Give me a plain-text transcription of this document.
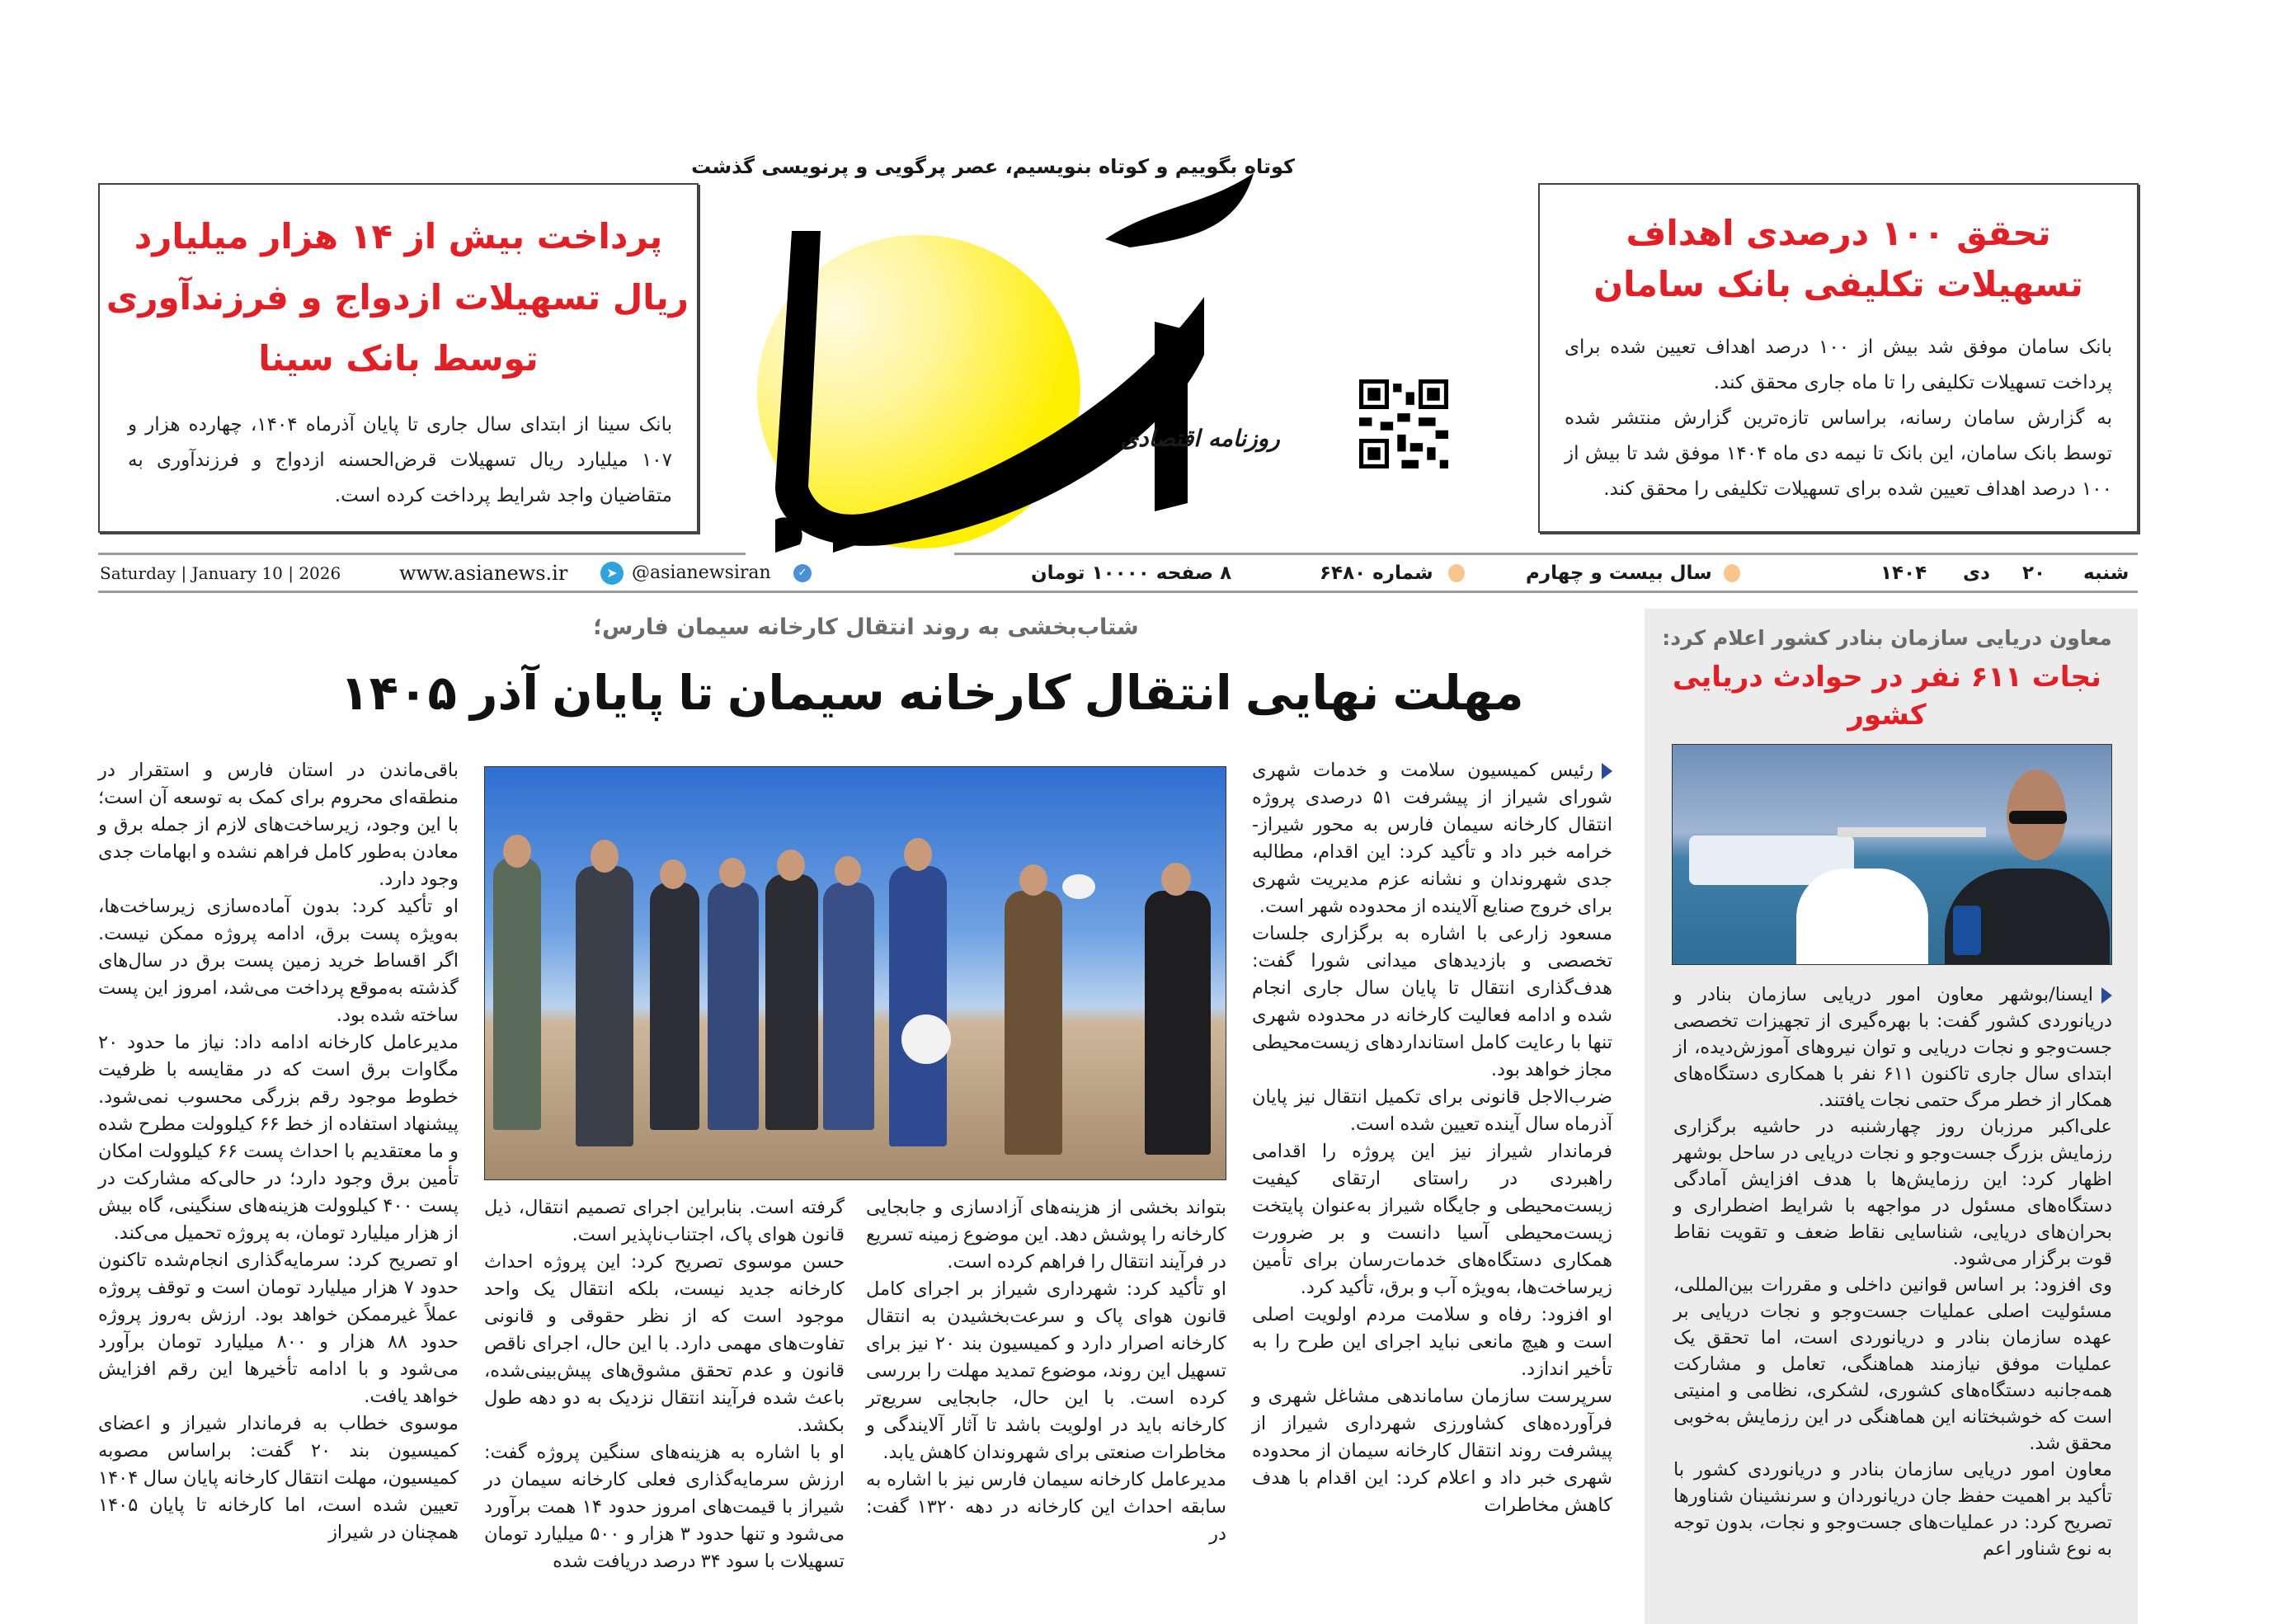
پرداخت بیش از ۱۴ هزار میلیارد
ریال تسهیلات ازدواج و فرزندآوری
توسط بانک سینا
بانک سینا از ابتدای سال جاری تا پایان آذرماه ۱۴۰۴، چهارده هزار و ۱۰۷ میلیارد ریال تسهیلات قرض‌الحسنه ازدواج و فرزندآوری به متقاضیان واجد شرایط پرداخت کرده است.
تحقق ۱۰۰ درصدی اهداف
تسهیلات تکلیفی بانک سامان
بانک سامان موفق شد بیش از ۱۰۰ درصد اهداف تعیین شده برای پرداخت تسهیلات تکلیفی را تا ماه جاری محقق کند.
به گزارش سامان رسانه، براساس تازه‌ترین گزارش منتشر شده توسط بانک سامان، این بانک تا نیمه دی ماه ۱۴۰۴ موفق شد تا بیش از ۱۰۰ درصد اهداف تعیین شده برای تسهیلات تکلیفی را محقق کند.
کوتاه بگوییم و کوتاه بنویسیم، عصر پرگویی و پرنویسی گذشت
روزنامه اقتصادی
Saturday | January 10 | 2026	www.asianews.ir	➤ @asianewsiran	✓	۸ صفحه ۱۰۰۰۰ تومان	شماره ۶۴۸۰	سال بیست و چهارم	۱۴۰۴ دی ۲۰ شنبه
شتاب‌بخشی به روند انتقال کارخانه سیمان فارس؛
مهلت نهایی انتقال کارخانه سیمان تا پایان آذر ۱۴۰۵

رئیس کمیسیون سلامت و خدمات شهری شورای شیراز از پیشرفت ۵۱ درصدی پروژه انتقال کارخانه سیمان فارس به محور شیراز- خرامه خبر داد و تأکید کرد: این اقدام، مطالبه جدی شهروندان و نشانه عزم مدیریت شهری برای خروج صنایع آلاینده از محدوده شهر است.

مسعود زارعی با اشاره به برگزاری جلسات تخصصی و بازدیدهای میدانی شورا گفت: هدف‌گذاری انتقال تا پایان سال جاری انجام شده و ادامه فعالیت کارخانه در محدوده شهری تنها با رعایت کامل استانداردهای زیست‌محیطی مجاز خواهد بود.

ضرب‌الاجل قانونی برای تکمیل انتقال نیز پایان آذرماه سال آینده تعیین شده است.

فرماندار شیراز نیز این پروژه را اقدامی راهبردی در راستای ارتقای کیفیت زیست‌محیطی و جایگاه شیراز به‌عنوان پایتخت زیست‌محیطی آسیا دانست و بر ضرورت همکاری دستگاه‌های خدمات‌رسان برای تأمین زیرساخت‌ها، به‌ویژه آب و برق، تأکید کرد.

او افزود: رفاه و سلامت مردم اولویت اصلی است و هیچ مانعی نباید اجرای این طرح را به تأخیر اندازد.

سرپرست سازمان ساماندهی مشاغل شهری و فرآورده‌های کشاورزی شهرداری شیراز از پیشرفت روند انتقال کارخانه سیمان از محدوده شهری خبر داد و اعلام کرد: این اقدام با هدف کاهش مخاطرات

بتواند بخشی از هزینه‌های آزادسازی و جابجایی کارخانه را پوشش دهد. این موضوع زمینه تسریع در فرآیند انتقال را فراهم کرده است.

او تأکید کرد: شهرداری شیراز بر اجرای کامل قانون هوای پاک و سرعت‌بخشیدن به انتقال کارخانه اصرار دارد و کمیسیون بند ۲۰ نیز برای تسهیل این روند، موضوع تمدید مهلت را بررسی کرده است. با این حال، جابجایی سریع‌تر کارخانه باید در اولویت باشد تا آثار آلایندگی و مخاطرات صنعتی برای شهروندان کاهش یابد.

مدیرعامل کارخانه سیمان فارس نیز با اشاره به سابقه احداث این کارخانه در دهه ۱۳۲۰ گفت: در

گرفته است. بنابراین اجرای تصمیم انتقال، ذیل قانون هوای پاک، اجتناب‌ناپذیر است.

حسن موسوی تصریح کرد: این پروژه احداث کارخانه جدید نیست، بلکه انتقال یک واحد موجود است که از نظر حقوقی و قانونی تفاوت‌های مهمی دارد. با این حال، اجرای ناقص قانون و عدم تحقق مشوق‌های پیش‌بینی‌شده، باعث شده فرآیند انتقال نزدیک به دو دهه طول بکشد.

او با اشاره به هزینه‌های سنگین پروژه گفت: ارزش سرمایه‌گذاری فعلی کارخانه سیمان در شیراز با قیمت‌های امروز حدود ۱۴ همت برآورد می‌شود و تنها حدود ۳ هزار و ۵۰۰ میلیارد تومان تسهیلات با سود ۳۴ درصد دریافت شده

باقی‌ماندن در استان فارس و استقرار در منطقه‌ای محروم برای کمک به توسعه آن است؛ با این وجود، زیرساخت‌های لازم از جمله برق و معادن به‌طور کامل فراهم نشده و ابهامات جدی وجود دارد.

او تأکید کرد: بدون آماده‌سازی زیرساخت‌ها، به‌ویژه پست برق، ادامه پروژه ممکن نیست. اگر اقساط خرید زمین پست برق در سال‌های گذشته به‌موقع پرداخت می‌شد، امروز این پست ساخته شده بود.

مدیرعامل کارخانه ادامه داد: نیاز ما حدود ۲۰ مگاوات برق است که در مقایسه با ظرفیت خطوط موجود رقم بزرگی محسوب نمی‌شود. پیشنهاد استفاده از خط ۶۶ کیلوولت مطرح شده و ما معتقدیم با احداث پست ۶۶ کیلوولت امکان تأمین برق وجود دارد؛ در حالی‌که مشارکت در پست ۴۰۰ کیلوولت هزینه‌های سنگینی، گاه بیش از هزار میلیارد تومان، به پروژه تحمیل می‌کند.

او تصریح کرد: سرمایه‌گذاری انجام‌شده تاکنون حدود ۷ هزار میلیارد تومان است و توقف پروژه عملاً غیرممکن خواهد بود. ارزش به‌روز پروژه حدود ۸۸ هزار و ۸۰۰ میلیارد تومان برآورد می‌شود و با ادامه تأخیرها این رقم افزایش خواهد یافت.

موسوی خطاب به فرماندار شیراز و اعضای کمیسیون بند ۲۰ گفت: براساس مصوبه کمیسیون، مهلت انتقال کارخانه پایان سال ۱۴۰۴ تعیین شده است، اما کارخانه تا پایان ۱۴۰۵ همچنان در شیراز

معاون دریایی سازمان بنادر کشور اعلام کرد:
نجات ۶۱۱ نفر در حوادث دریایی کشور

ایسنا/بوشهر معاون امور دریایی سازمان بنادر و دریانوردی کشور گفت: با بهره‌گیری از تجهیزات تخصصی جست‌وجو و نجات دریایی و توان نیروهای آموزش‌دیده، از ابتدای سال جاری تاکنون ۶۱۱ نفر با همکاری دستگاه‌های همکار از خطر مرگ حتمی نجات یافتند.

علی‌اکبر مرزبان روز چهارشنبه در حاشیه برگزاری رزمایش بزرگ جست‌وجو و نجات دریایی در ساحل بوشهر اظهار کرد: این رزمایش‌ها با هدف افزایش آمادگی دستگاه‌های مسئول در مواجهه با شرایط اضطراری و بحران‌های دریایی، شناسایی نقاط ضعف و تقویت نقاط قوت برگزار می‌شود.

وی افزود: بر اساس قوانین داخلی و مقررات بین‌المللی، مسئولیت اصلی عملیات جست‌وجو و نجات دریایی بر عهده سازمان بنادر و دریانوردی است، اما تحقق یک عملیات موفق نیازمند هماهنگی، تعامل و مشارکت همه‌جانبه دستگاه‌های کشوری، لشکری، نظامی و امنیتی است که خوشبختانه این هماهنگی در این رزمایش به‌خوبی محقق شد.

معاون امور دریایی سازمان بنادر و دریانوردی کشور با تأکید بر اهمیت حفظ جان دریانوردان و سرنشینان شناورها تصریح کرد: در عملیات‌های جست‌وجو و نجات، بدون توجه به نوع شناور اعم
